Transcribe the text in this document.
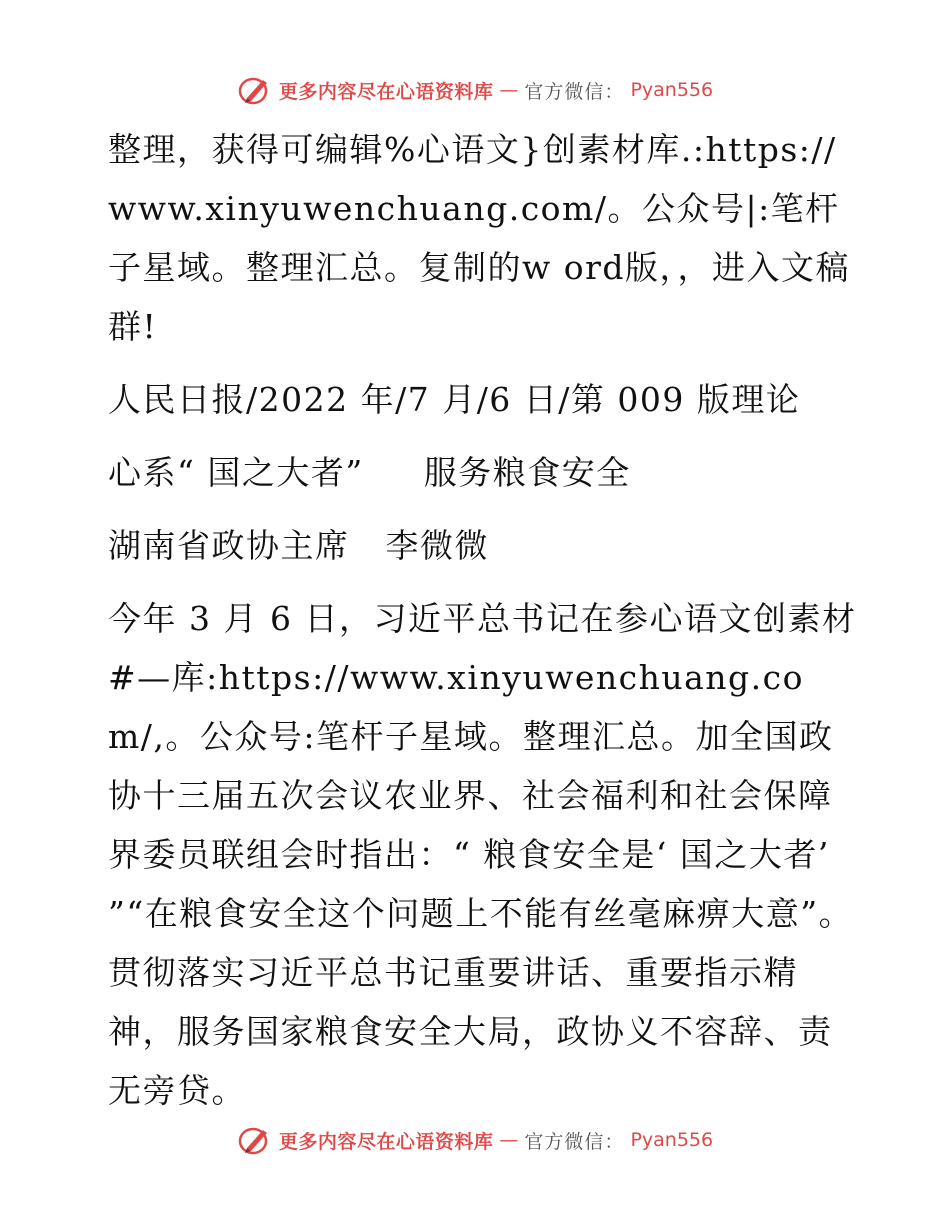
更多内容尽在心语资料库 — 官方微信： Pyan556

整理，获得可编辑%心语文}创素材库.:https://www.xinyuwenchuang.com/。公众号|:笔杆子星域。整理汇总。复制的w ord版，，进入文稿群!

人民日报/2022 年/7 月/6 日/第 009 版理论

心系“ 国之大者” 服务粮食安全

湖南省政协主席 李微微

今年 3 月 6 日，习近平总书记在参心语文创素材#—库:https://www.xinyuwenchuang.com/,。公众号:笔杆子星域。整理汇总。加全国政协十三届五次会议农业界、社会福利和社会保障界委员联组会时指出：“ 粮食安全是‘ 国之大者’ ”“在粮食安全这个问题上不能有丝毫麻痹大意”。贯彻落实习近平总书记重要讲话、重要指示精神，服务国家粮食安全大局，政协义不容辞、责无旁贷。

更多内容尽在心语资料库 — 官方微信： Pyan556
